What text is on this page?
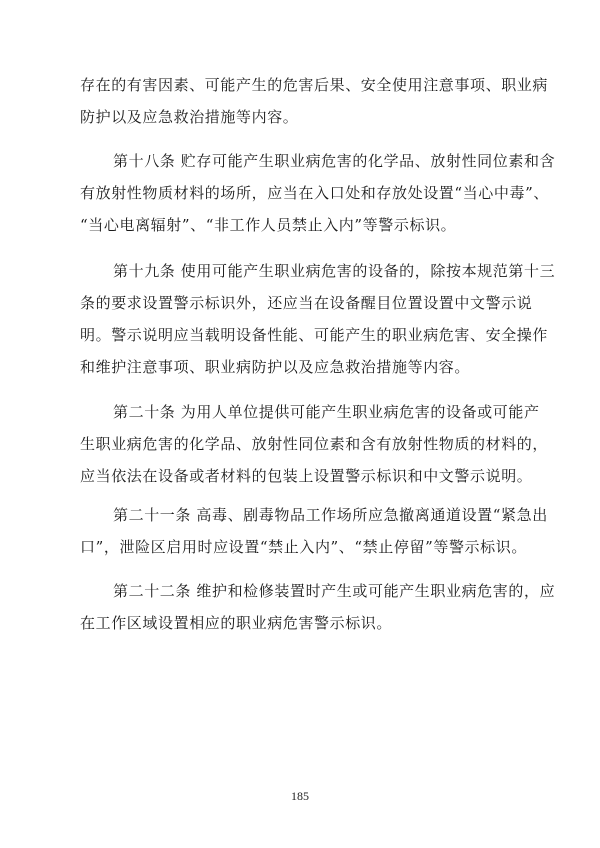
存在的有害因素、可能产生的危害后果、安全使用注意事项、职业病
防护以及应急救治措施等内容。
第十八条 贮存可能产生职业病危害的化学品、放射性同位素和含
有放射性物质材料的场所，应当在入口处和存放处设置“当心中毒”、
“当心电离辐射”、“非工作人员禁止入内”等警示标识。
第十九条 使用可能产生职业病危害的设备的，除按本规范第十三
条的要求设置警示标识外，还应当在设备醒目位置设置中文警示说
明。警示说明应当载明设备性能、可能产生的职业病危害、安全操作
和维护注意事项、职业病防护以及应急救治措施等内容。
第二十条 为用人单位提供可能产生职业病危害的设备或可能产
生职业病危害的化学品、放射性同位素和含有放射性物质的材料的，
应当依法在设备或者材料的包装上设置警示标识和中文警示说明。
第二十一条 高毒、剧毒物品工作场所应急撤离通道设置“紧急出
口”，泄险区启用时应设置“禁止入内”、“禁止停留”等警示标识。
第二十二条 维护和检修装置时产生或可能产生职业病危害的，应
在工作区域设置相应的职业病危害警示标识。
185
